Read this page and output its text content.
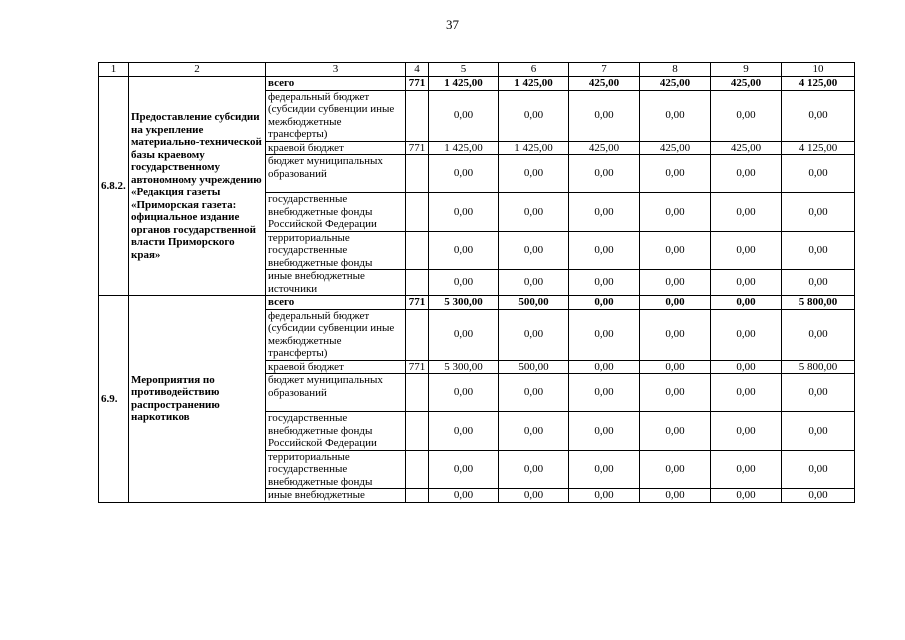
37
1	2	3	4	5	6	7	8	9	10
6.8.2.	Предоставление субсидии на укрепление материально-технической базы краевому государственному автономному учреждению «Редакция газеты «Приморская газета: официальное издание органов государственной власти Приморского края»	всего	771	1 425,00	1 425,00	425,00	425,00	425,00	4 125,00
		федеральный бюджет (субсидии субвенции иные межбюджетные трансферты)		0,00	0,00	0,00	0,00	0,00	0,00
		краевой бюджет	771	1 425,00	1 425,00	425,00	425,00	425,00	4 125,00
		бюджет муниципальных образований		0,00	0,00	0,00	0,00	0,00	0,00
		государственные внебюджетные фонды Российской Федерации		0,00	0,00	0,00	0,00	0,00	0,00
		территориальные государственные внебюджетные фонды		0,00	0,00	0,00	0,00	0,00	0,00
		иные внебюджетные источники		0,00	0,00	0,00	0,00	0,00	0,00
6.9.	Мероприятия по противодействию распространению наркотиков	всего	771	5 300,00	500,00	0,00	0,00	0,00	5 800,00
		федеральный бюджет (субсидии субвенции иные межбюджетные трансферты)		0,00	0,00	0,00	0,00	0,00	0,00
		краевой бюджет	771	5 300,00	500,00	0,00	0,00	0,00	5 800,00
		бюджет муниципальных образований		0,00	0,00	0,00	0,00	0,00	0,00
		государственные внебюджетные фонды Российской Федерации		0,00	0,00	0,00	0,00	0,00	0,00
		территориальные государственные внебюджетные фонды		0,00	0,00	0,00	0,00	0,00	0,00
		иные внебюджетные		0,00	0,00	0,00	0,00	0,00	0,00
